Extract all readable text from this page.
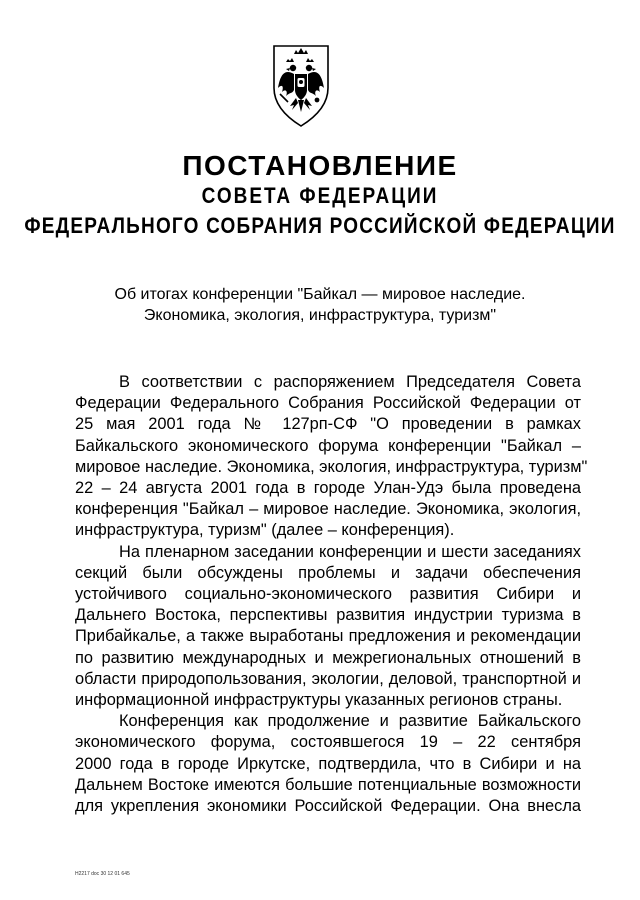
ПОСТАНОВЛЕНИЕ
СОВЕТА ФЕДЕРАЦИИ
ФЕДЕРАЛЬНОГО СОБРАНИЯ РОССИЙСКОЙ ФЕДЕРАЦИИ
Об итогах конференции "Байкал — мировое наследие.
Экономика, экология, инфраструктура, туризм"

В соответствии с распоряжением Председателя Совета
Федерации Федерального Собрания Российской Федерации от
25 мая 2001 года № 127рп-СФ "О проведении в рамках
Байкальского экономического форума конференции "Байкал –
мировое наследие. Экономика, экология, инфраструктура, туризм"
22 – 24 августа 2001 года в городе Улан-Удэ была проведена
конференция "Байкал – мировое наследие. Экономика, экология,
инфраструктура, туризм" (далее – конференция).

На пленарном заседании конференции и шести заседаниях
секций были обсуждены проблемы и задачи обеспечения
устойчивого социально-экономического развития Сибири и
Дальнего Востока, перспективы развития индустрии туризма в
Прибайкалье, а также выработаны предложения и рекомендации
по развитию международных и межрегиональных отношений в
области природопользования, экологии, деловой, транспортной и
информационной инфраструктуры указанных регионов страны.

Конференция как продолжение и развитие Байкальского
экономического форума, состоявшегося 19 – 22 сентября
2000 года в городе Иркутске, подтвердила, что в Сибири и на
Дальнем Востоке имеются большие потенциальные возможности
для укрепления экономики Российской Федерации. Она внесла

Н2217 doc 30 12 01 645
